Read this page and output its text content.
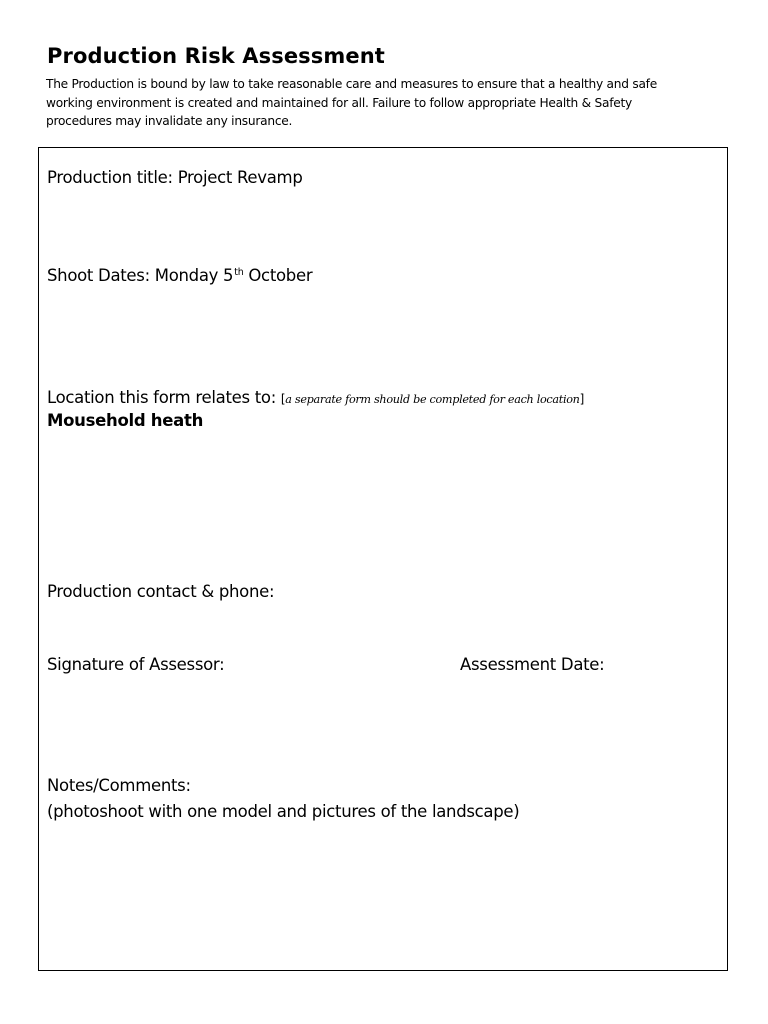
Production Risk Assessment

The Production is bound by law to take reasonable care and measures to ensure that a healthy and safe
working environment is created and maintained for all. Failure to follow appropriate Health & Safety
procedures may invalidate any insurance.

Production title: Project Revamp
Shoot Dates: Monday 5th October
Location this form relates to: [a separate form should be completed for each location]
Mousehold heath
Production contact & phone:
Signature of Assessor:	Assessment Date:
Notes/Comments:
(photoshoot with one model and pictures of the landscape)
